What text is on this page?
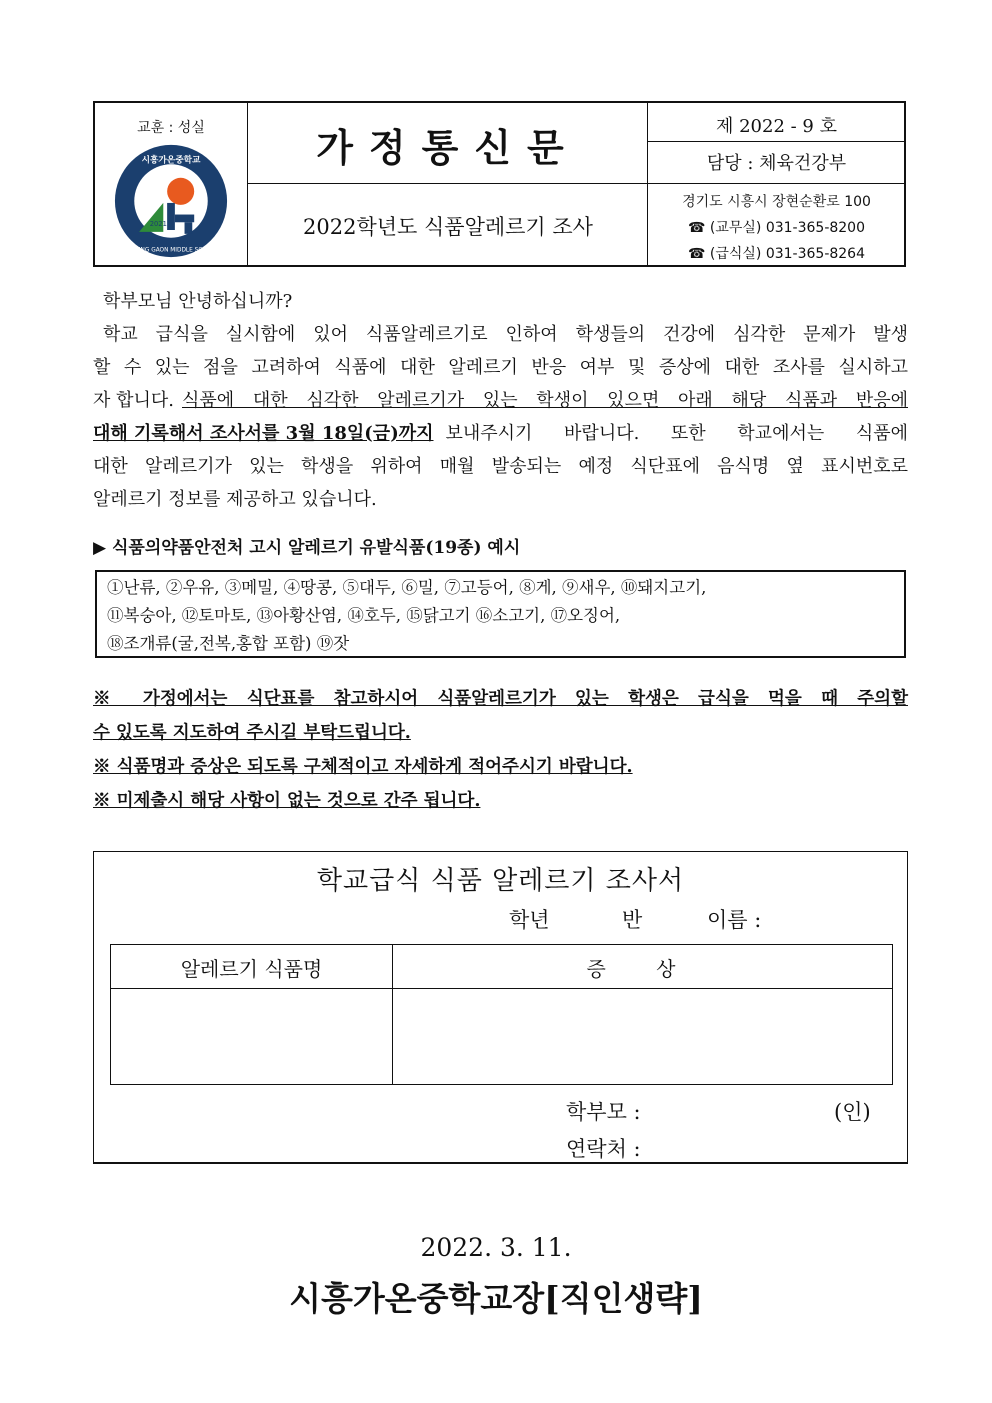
교훈 : 성실
2021
시흥가온중학교
SIHEUNG GAON MIDDLE SCHOOL
가정통신문
2022학년도 식품알레르기 조사
제 2022 - 9 호
담당 : 체육건강부
경기도 시흥시 장현순환로 100
☎ (교무실) 031-365-8200
☎ (급식실) 031-365-8264
학부모님 안녕하십니까?
학교 급식을 실시함에 있어 식품알레르기로 인하여 학생들의 건강에 심각한 문제가 발생
할 수 있는 점을 고려하여 식품에 대한 알레르기 반응 여부 및 증상에 대한 조사를 실시하고
자 합니다. 식품에 대한 심각한 알레르기가 있는 학생이 있으면 아래 해당 식품과 반응에
대해 기록해서 조사서를 3월 18일(금)까지 보내주시기 바랍니다. 또한 학교에서는 식품에
대한 알레르기가 있는 학생을 위하여 매월 발송되는 예정 식단표에 음식명 옆 표시번호로
알레르기 정보를 제공하고 있습니다.
▶ 식품의약품안전처 고시 알레르기 유발식품(19종) 예시
①난류, ②우유, ③메밀, ④땅콩, ⑤대두, ⑥밀, ⑦고등어, ⑧게, ⑨새우, ⑩돼지고기,
⑪복숭아, ⑫토마토, ⑬아황산염, ⑭호두, ⑮닭고기 ⑯소고기, ⑰오징어,
⑱조개류(굴,전복,홍합 포함) ⑲잣
※ 가정에서는 식단표를 참고하시어 식품알레르기가 있는 학생은 급식을 먹을 때 주의할
수 있도록 지도하여 주시길 부탁드립니다.
※ 식품명과 증상은 되도록 구체적이고 자세하게 적어주시기 바랍니다.
※ 미제출시 해당 사항이 없는 것으로 간주 됩니다.
학교급식 식품 알레르기 조사서
학년	반	이름 :
알레르기 식품명	증 상
학부모 :	(인)
연락처 :
2022. 3. 11.
시흥가온중학교장[직인생략]
